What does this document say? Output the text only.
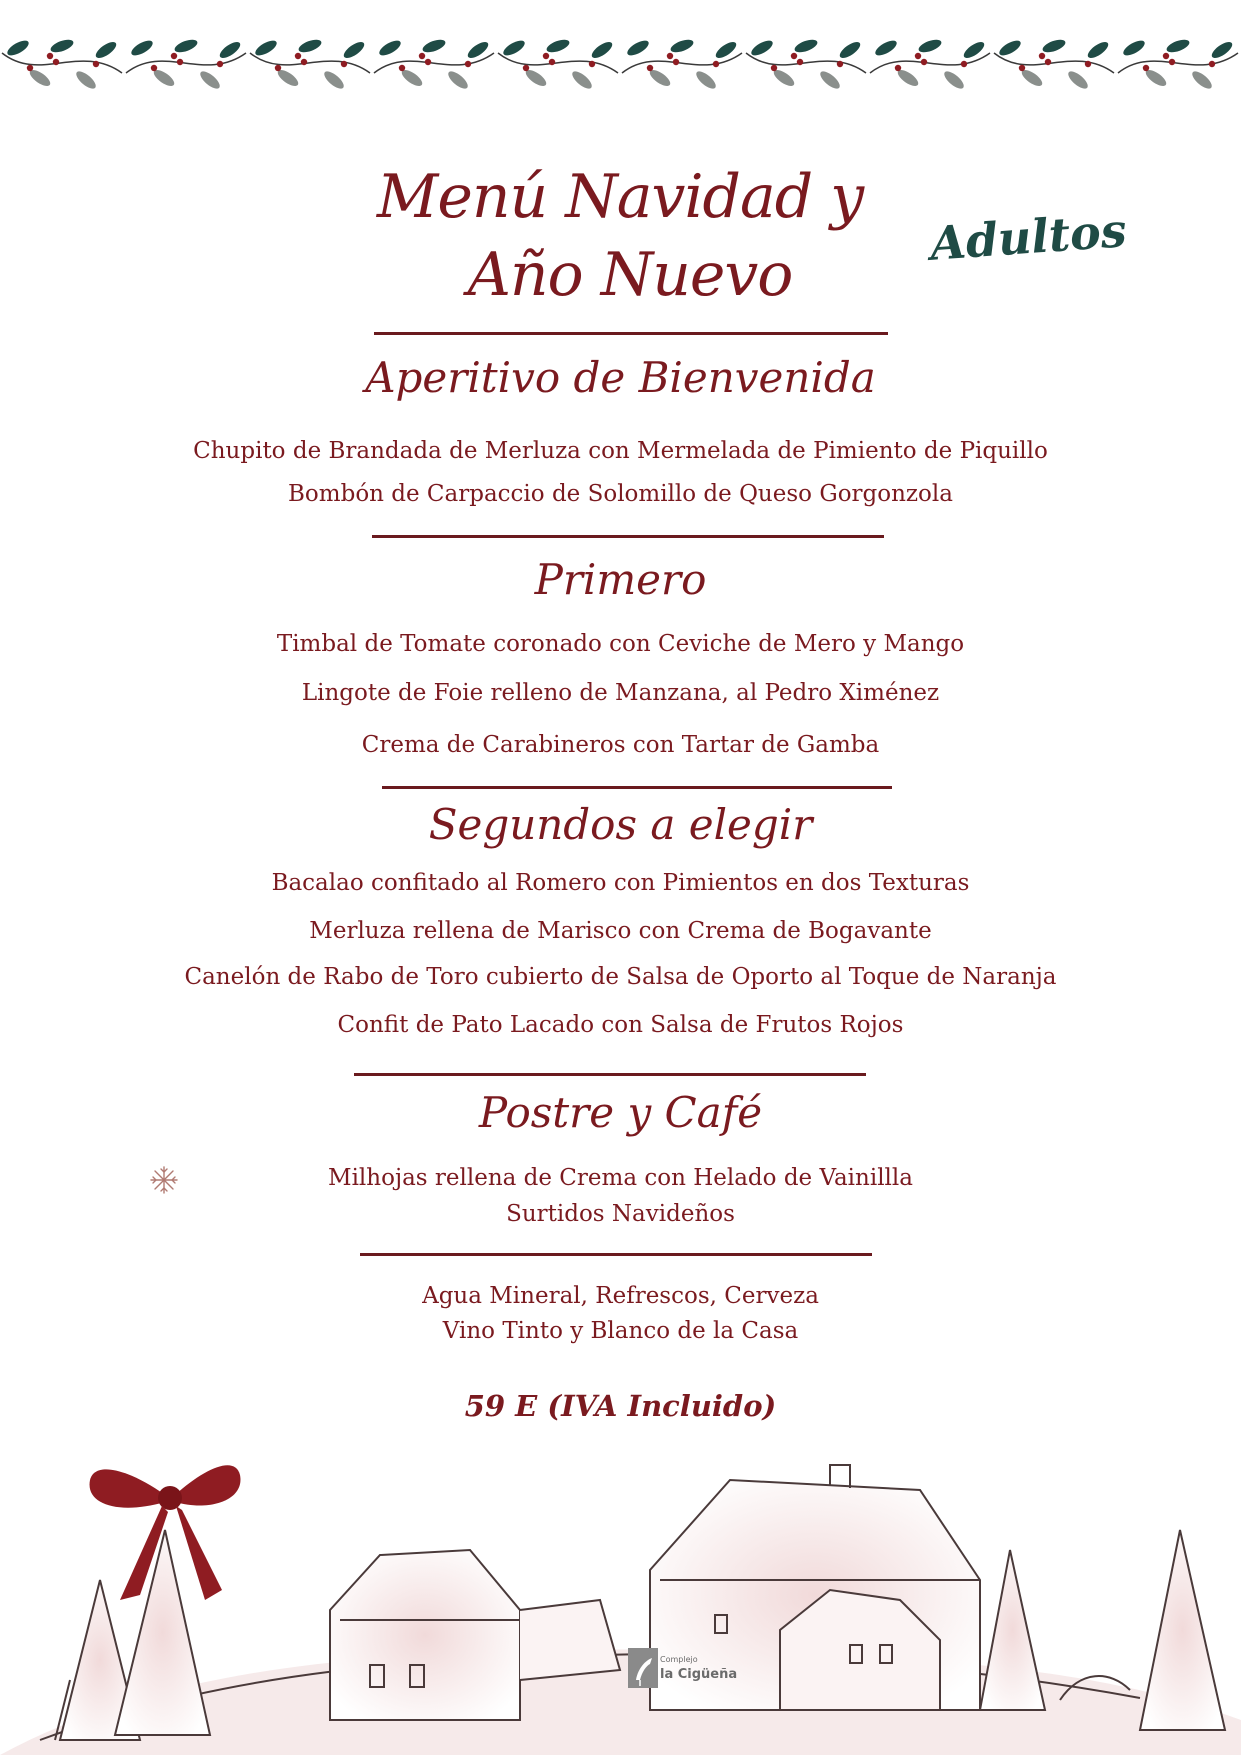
Menú Navidad y
Año Nuevo
Adultos
Aperitivo de Bienvenida
Chupito de Brandada de Merluza con Mermelada de Pimiento de Piquillo
Bombón de Carpaccio de Solomillo de Queso Gorgonzola
Primero
Timbal de Tomate coronado con Ceviche de Mero y Mango
Lingote de Foie relleno de Manzana, al Pedro Ximénez
Crema de Carabineros con Tartar de Gamba
Segundos a elegir
Bacalao confitado al Romero con Pimientos en dos Texturas
Merluza rellena de Marisco con Crema de Bogavante
Canelón de Rabo de Toro cubierto de Salsa de Oporto al Toque de Naranja
Confit de Pato Lacado con Salsa de Frutos Rojos
Postre y Café
Milhojas rellena de Crema con Helado de Vainillla
Surtidos Navideños
Agua Mineral, Refrescos, Cerveza
Vino Tinto y Blanco de la Casa
59 E (IVA Incluido)
Complejo
la Cigüeña
